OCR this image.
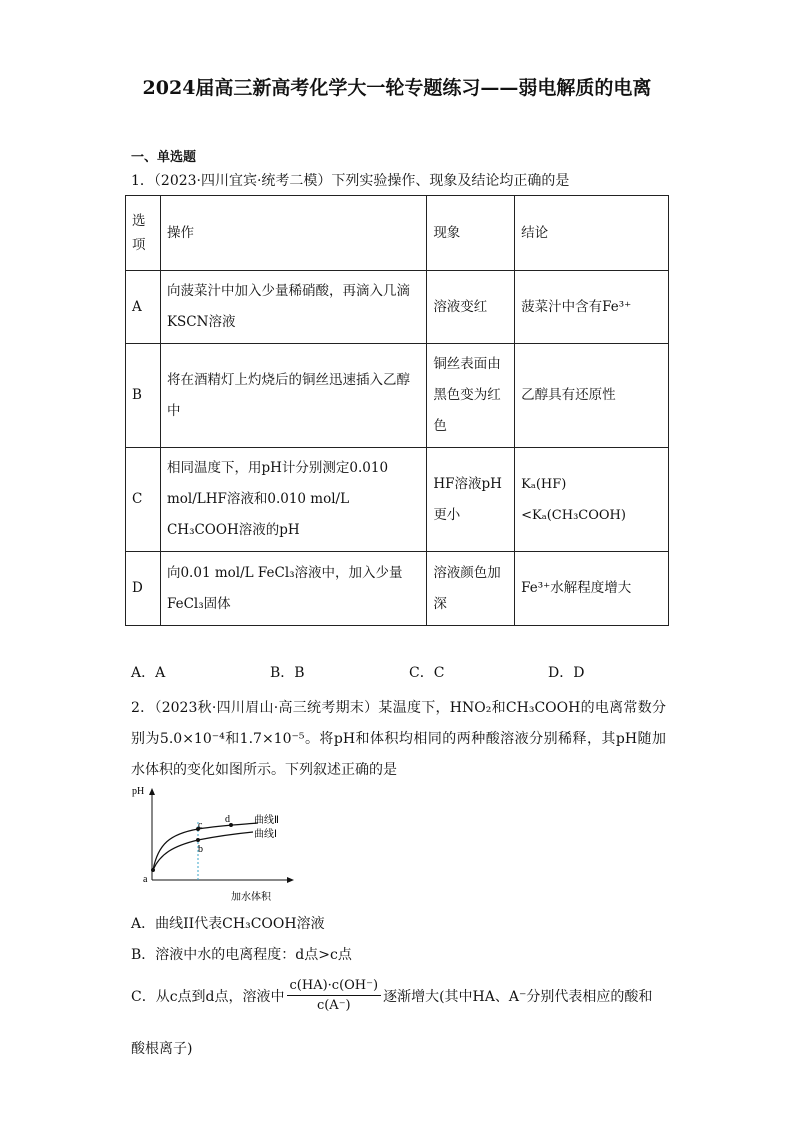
2024届高三新高考化学大一轮专题练习——弱电解质的电离
一、单选题
1．（2023·四川宜宾·统考二模）下列实验操作、现象及结论均正确的是
选项	操作	现象	结论
A	向菠菜汁中加入少量稀硝酸，再滴入几滴KSCN溶液	溶液变红	菠菜汁中含有Fe³⁺
B	将在酒精灯上灼烧后的铜丝迅速插入乙醇中	铜丝表面由黑色变为红色	乙醇具有还原性
C	相同温度下，用pH计分别测定0.010 mol/LHF溶液和0.010 mol/L CH₃COOH溶液的pH	HF溶液pH更小	Kₐ(HF)<Kₐ(CH₃COOH)
D	向0.01 mol/L FeCl₃溶液中，加入少量FeCl₃固体	溶液颜色加深	Fe³⁺水解程度增大
A．A	B．B	C．C	D．D
2．（2023秋·四川眉山·高三统考期末）某温度下，HNO₂和CH₃COOH的电离常数分别为5.0×10⁻⁴和1.7×10⁻⁵。将pH和体积均相同的两种酸溶液分别稀释，其pH随加水体积的变化如图所示。下列叙述正确的是
pH
加水体积
a
b
c
d 曲线Ⅱ
曲线Ⅰ
A．曲线II代表CH₃COOH溶液
B．溶液中水的电离程度：d点>c点
C．从c点到d点，溶液中 $\frac{c(HA)\cdot c(OH^-)}{c(A^-)}$ 逐渐增大(其中HA、A⁻分别代表相应的酸和
酸根离子)
